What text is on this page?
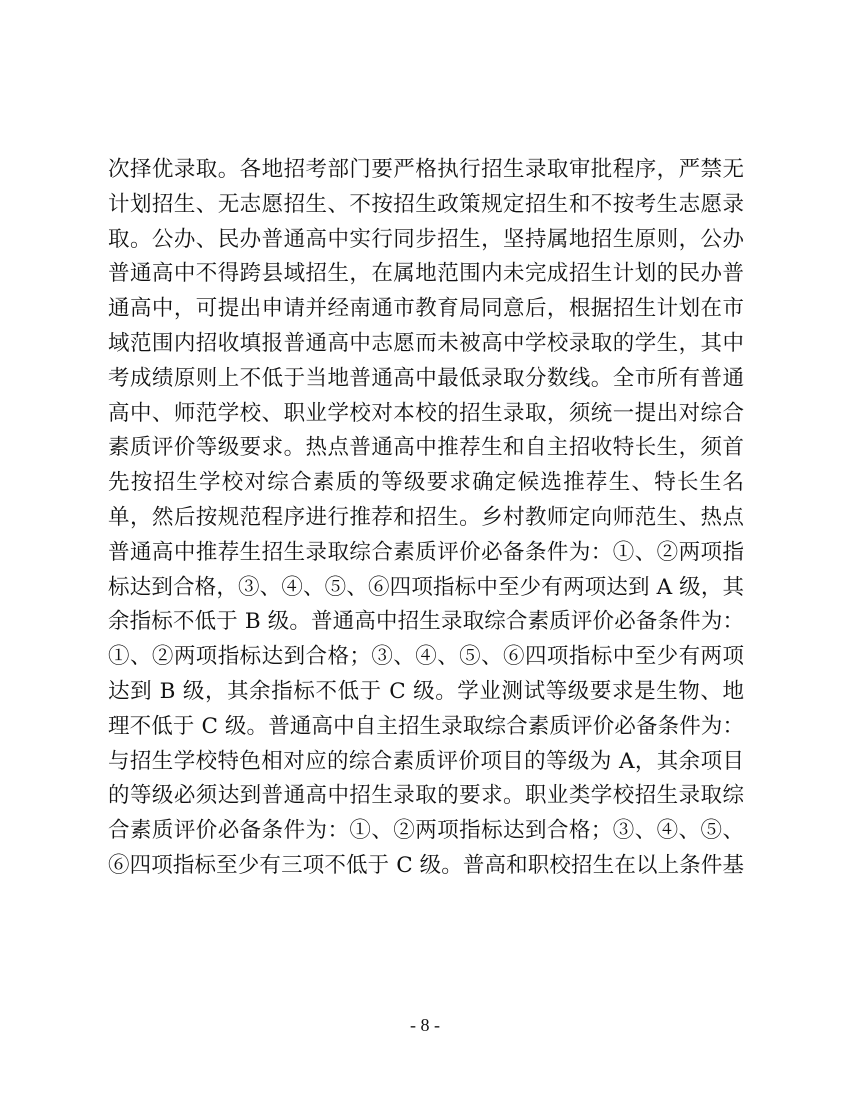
次择优录取。各地招考部门要严格执行招生录取审批程序，严禁无
计划招生、无志愿招生、不按招生政策规定招生和不按考生志愿录
取。公办、民办普通高中实行同步招生，坚持属地招生原则，公办
普通高中不得跨县域招生，在属地范围内未完成招生计划的民办普
通高中，可提出申请并经南通市教育局同意后，根据招生计划在市
域范围内招收填报普通高中志愿而未被高中学校录取的学生，其中
考成绩原则上不低于当地普通高中最低录取分数线。全市所有普通
高中、师范学校、职业学校对本校的招生录取，须统一提出对综合
素质评价等级要求。热点普通高中推荐生和自主招收特长生，须首
先按招生学校对综合素质的等级要求确定候选推荐生、特长生名
单，然后按规范程序进行推荐和招生。乡村教师定向师范生、热点
普通高中推荐生招生录取综合素质评价必备条件为：①、②两项指
标达到合格，③、④、⑤、⑥四项指标中至少有两项达到 A 级，其
余指标不低于 B 级。普通高中招生录取综合素质评价必备条件为：
①、②两项指标达到合格；③、④、⑤、⑥四项指标中至少有两项
达到 B 级，其余指标不低于 C 级。学业测试等级要求是生物、地
理不低于 C 级。普通高中自主招生录取综合素质评价必备条件为：
与招生学校特色相对应的综合素质评价项目的等级为 A，其余项目
的等级必须达到普通高中招生录取的要求。职业类学校招生录取综
合素质评价必备条件为：①、②两项指标达到合格；③、④、⑤、
⑥四项指标至少有三项不低于 C 级。普高和职校招生在以上条件基
- 8 -
